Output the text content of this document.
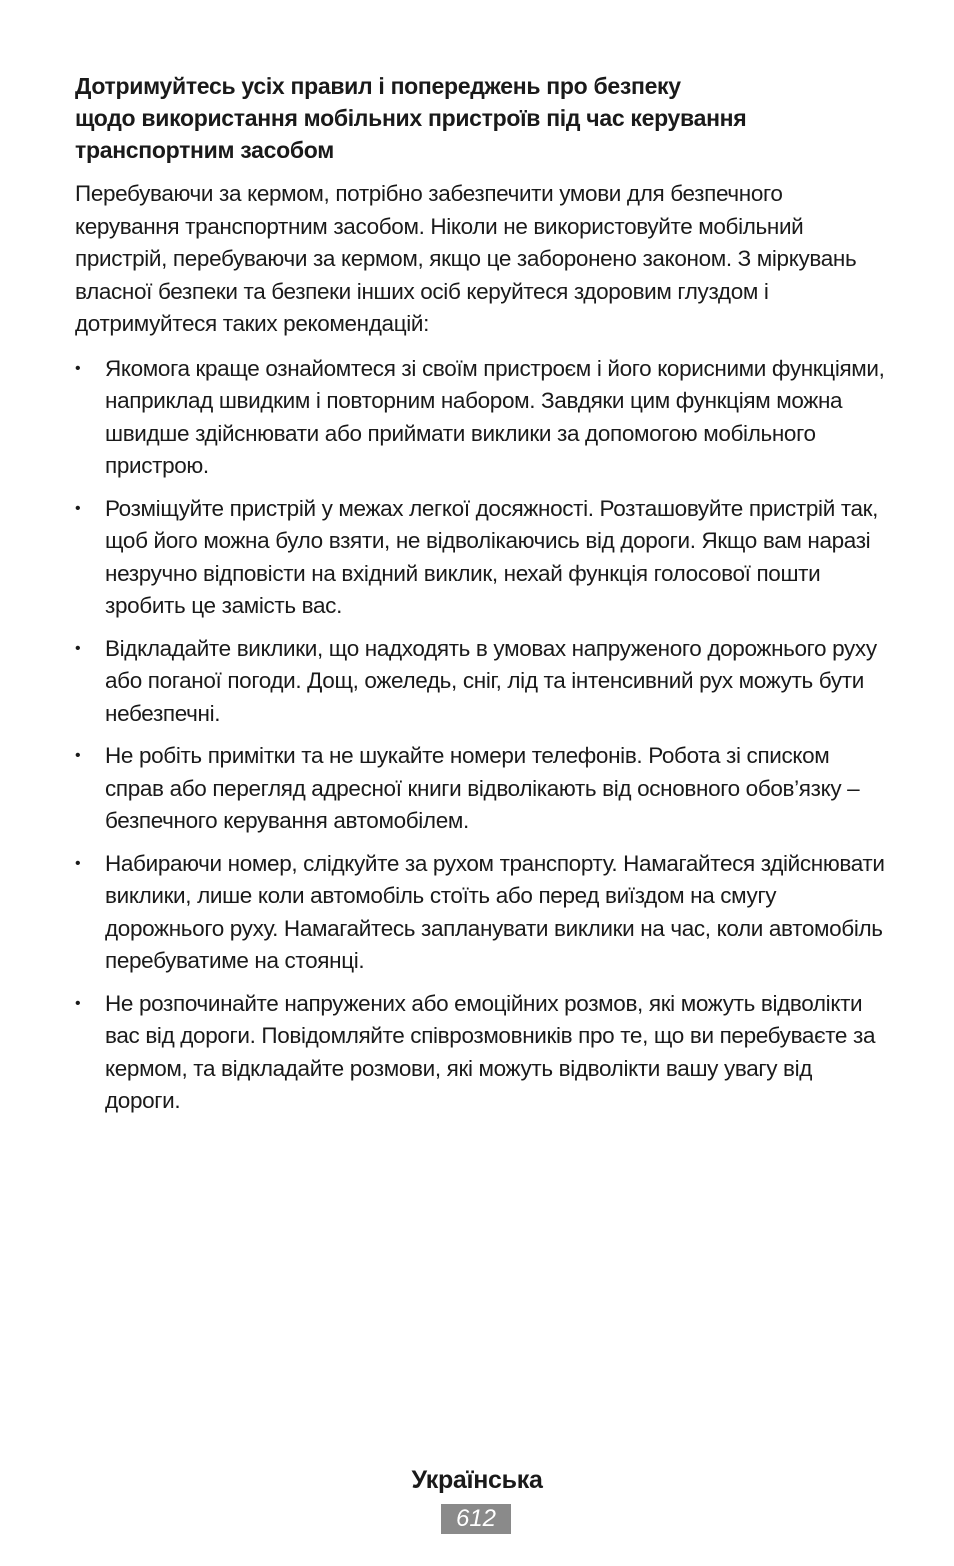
Дотримуйтесь усіх правил і попереджень про безпеку
щодо використання мобільних пристроїв під час керування
транспортним засобом

Перебуваючи за кермом, потрібно забезпечити умови для безпечного керування транспортним засобом. Ніколи не використовуйте мобільний пристрій, перебуваючи за кермом, якщо це заборонено законом. З міркувань власної безпеки та безпеки інших осіб керуйтеся здоровим глуздом і дотримуйтеся таких рекомендацій:

• Якомога краще ознайомтеся зі своїм пристроєм і його корисними функціями, наприклад швидким і повторним набором. Завдяки цим функціям можна швидше здійснювати або приймати виклики за допомогою мобільного пристрою.
• Розміщуйте пристрій у межах легкої досяжності. Розташовуйте пристрій так, щоб його можна було взяти, не відволікаючись від дороги. Якщо вам наразі незручно відповісти на вхідний виклик, нехай функція голосової пошти зробить це замість вас.
• Відкладайте виклики, що надходять в умовах напруженого дорожнього руху або поганої погоди. Дощ, ожеледь, сніг, лід та інтенсивний рух можуть бути небезпечні.
• Не робіть примітки та не шукайте номери телефонів. Робота зі списком справ або перегляд адресної книги відволікають від основного обов’язку – безпечного керування автомобілем.
• Набираючи номер, слідкуйте за рухом транспорту. Намагайтеся здійснювати виклики, лише коли автомобіль стоїть або перед виїздом на смугу дорожнього руху. Намагайтесь запланувати виклики на час, коли автомобіль перебуватиме на стоянці.
• Не розпочинайте напружених або емоційних розмов, які можуть відволікти вас від дороги. Повідомляйте співрозмовників про те, що ви перебуваєте за кермом, та відкладайте розмови, які можуть відволікти вашу увагу від дороги.
Українська
612
